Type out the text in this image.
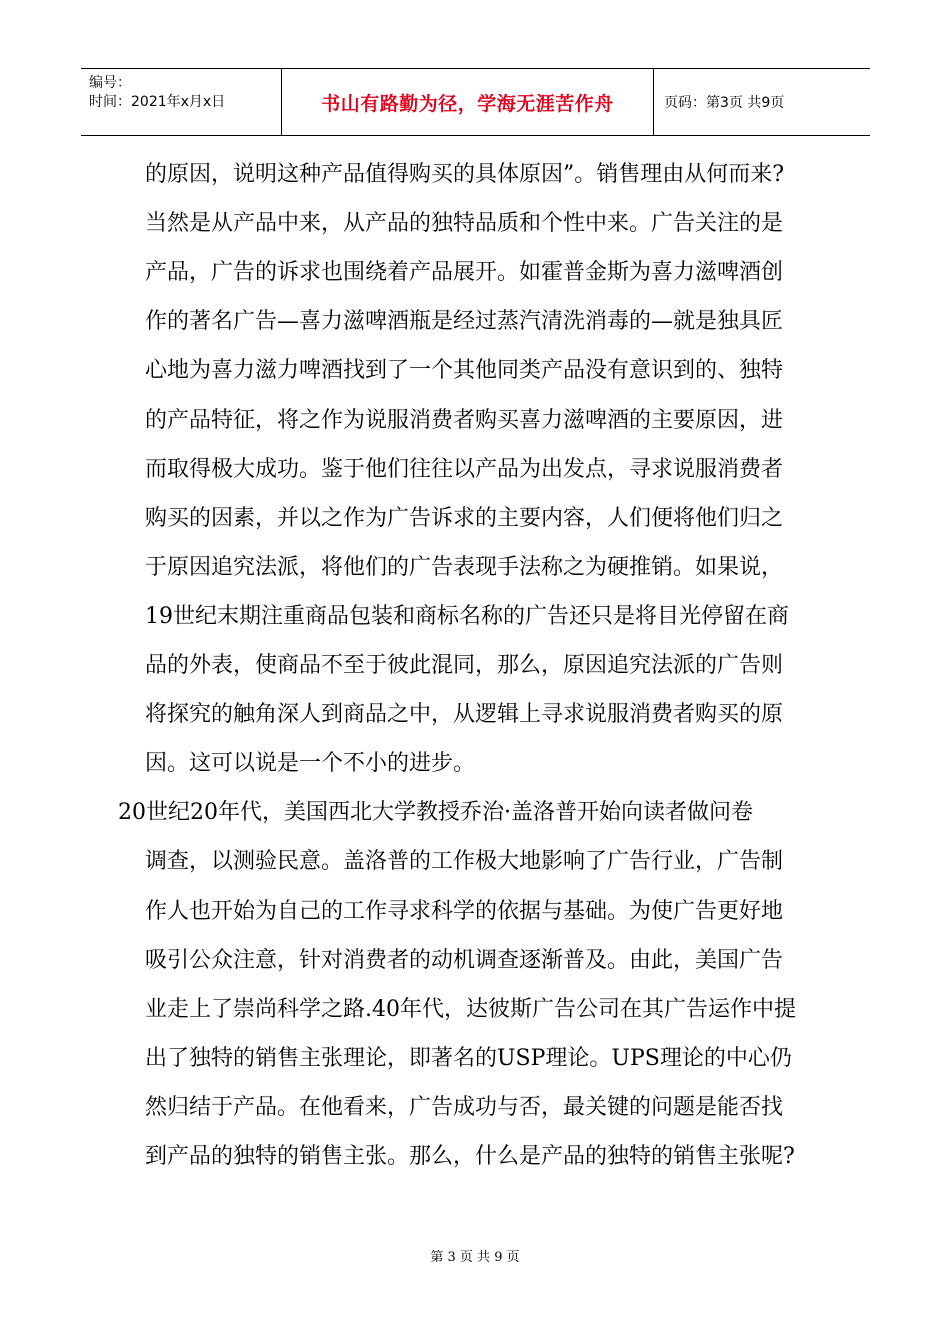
编号：
时间：2021年x月x日	书山有路勤为径，学海无涯苦作舟	页码：第3页 共9页
的原因，说明这种产品值得购买的具体原因”。销售理由从何而来?
当然是从产品中来，从产品的独特品质和个性中来。广告关注的是
产品，广告的诉求也围绕着产品展开。如霍普金斯为喜力滋啤酒创
作的著名广告—喜力滋啤酒瓶是经过蒸汽清洗消毒的—就是独具匠
心地为喜力滋力啤酒找到了一个其他同类产品没有意识到的、独特
的产品特征，将之作为说服消费者购买喜力滋啤酒的主要原因，进
而取得极大成功。鉴于他们往往以产品为出发点，寻求说服消费者
购买的因素，并以之作为广告诉求的主要内容，人们便将他们归之
于原因追究法派，将他们的广告表现手法称之为硬推销。如果说，
19世纪末期注重商品包装和商标名称的广告还只是将目光停留在商
品的外表，使商品不至于彼此混同，那么，原因追究法派的广告则
将探究的触角深人到商品之中，从逻辑上寻求说服消费者购买的原
因。这可以说是一个不小的进步。
20世纪20年代，美国西北大学教授乔治·盖洛普开始向读者做问卷
调查，以测验民意。盖洛普的工作极大地影响了广告行业，广告制
作人也开始为自己的工作寻求科学的依据与基础。为使广告更好地
吸引公众注意，针对消费者的动机调查逐渐普及。由此，美国广告
业走上了崇尚科学之路.40年代，达彼斯广告公司在其广告运作中提
出了独特的销售主张理论，即著名的USP理论。UPS理论的中心仍
然归结于产品。在他看来，广告成功与否，最关键的问题是能否找
到产品的独特的销售主张。那么，什么是产品的独特的销售主张呢?
第 3 页 共 9 页
